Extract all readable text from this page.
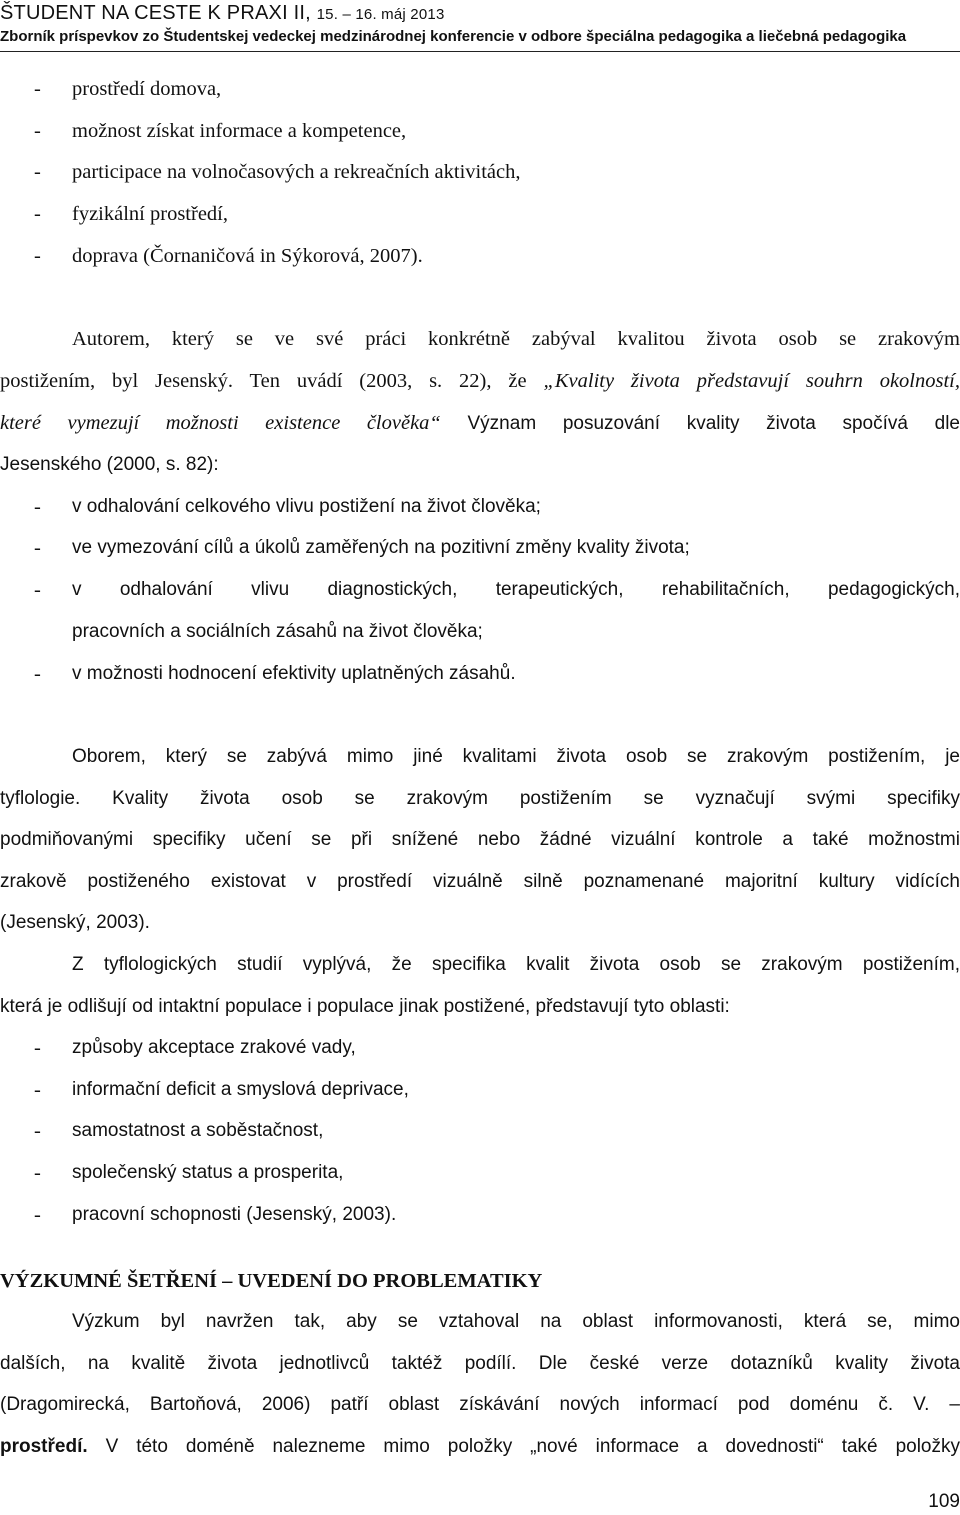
ŠTUDENT NA CESTE K PRAXI II, 15. – 16. máj 2013
Zborník príspevkov zo Študentskej vedeckej medzinárodnej konferencie v odbore špeciálna pedagogika a liečebná pedagogika
-	prostředí domova,
-	možnost získat informace a kompetence,
-	participace na volnočasových a rekreačních aktivitách,
-	fyzikální prostředí,
-	doprava (Čornaničová in Sýkorová, 2007).
Autorem, který se ve své práci konkrétně zabýval kvalitou života osob se zrakovým
postižením, byl Jesenský. Ten uvádí (2003, s. 22), že „Kvality života představují souhrn okolností,
které vymezují možnosti existence člověka“ Význam posuzování kvality života spočívá dle
Jesenského (2000, s. 82):
-	v odhalování celkového vlivu postižení na život člověka;
-	ve vymezování cílů a úkolů zaměřených na pozitivní změny kvality života;
-	v odhalování vlivu diagnostických, terapeutických, rehabilitačních, pedagogických,
pracovních a sociálních zásahů na život člověka;
-	v možnosti hodnocení efektivity uplatněných zásahů.
Oborem, který se zabývá mimo jiné kvalitami života osob se zrakovým postižením, je
tyflologie. Kvality života osob se zrakovým postižením se vyznačují svými specifiky
podmiňovanými specifiky učení se při snížené nebo žádné vizuální kontrole a také možnostmi
zrakově postiženého existovat v prostředí vizuálně silně poznamenané majoritní kultury vidících
(Jesenský, 2003).
Z tyflologických studií vyplývá, že specifika kvalit života osob se zrakovým postižením,
která je odlišují od intaktní populace i populace jinak postižené, představují tyto oblasti:
-	způsoby akceptace zrakové vady,
-	informační deficit a smyslová deprivace,
-	samostatnost a soběstačnost,
-	společenský status a prosperita,
-	pracovní schopnosti (Jesenský, 2003).
VÝZKUMNÉ ŠETŘENÍ – UVEDENÍ DO PROBLEMATIKY
Výzkum byl navržen tak, aby se vztahoval na oblast informovanosti, která se, mimo
dalších, na kvalitě života jednotlivců taktéž podílí. Dle české verze dotazníků kvality života
(Dragomirecká, Bartoňová, 2006) patří oblast získávání nových informací pod doménu č. V. –
prostředí. V této doméně nalezneme mimo položky „nové informace a dovednosti“ také položky
109
